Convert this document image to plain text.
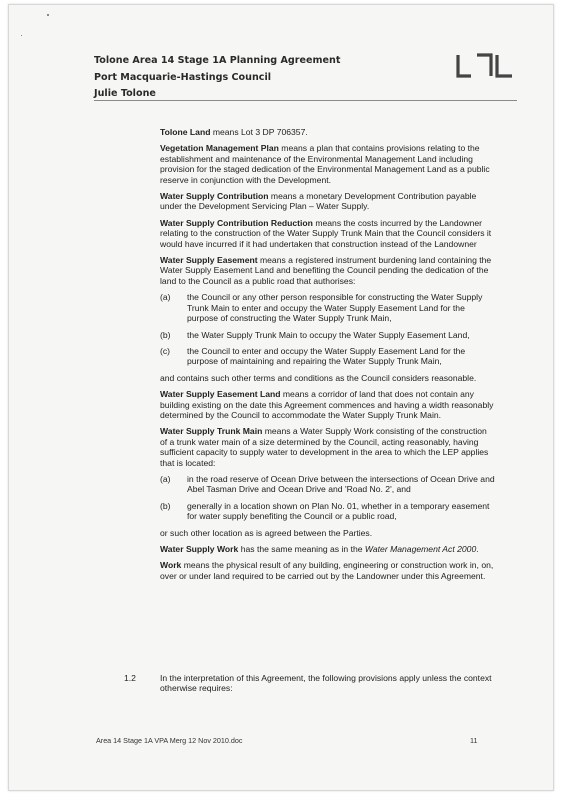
Tolone Area 14 Stage 1A Planning Agreement
Port Macquarie-Hastings Council
Julie Tolone

Tolone Land means Lot 3 DP 706357.

Vegetation Management Plan means a plan that contains provisions relating to the establishment and maintenance of the Environmental Management Land including provision for the staged dedication of the Environmental Management Land as a public reserve in conjunction with the Development.

Water Supply Contribution means a monetary Development Contribution payable under the Development Servicing Plan – Water Supply.

Water Supply Contribution Reduction means the costs incurred by the Landowner relating to the construction of the Water Supply Trunk Main that the Council considers it would have incurred if it had undertaken that construction instead of the Landowner

Water Supply Easement means a registered instrument burdening land containing the Water Supply Easement Land and benefiting the Council pending the dedication of the land to the Council as a public road that authorises:

(a) the Council or any other person responsible for constructing the Water Supply Trunk Main to enter and occupy the Water Supply Easement Land for the purpose of constructing the Water Supply Trunk Main,
(b) the Water Supply Trunk Main to occupy the Water Supply Easement Land,
(c) the Council to enter and occupy the Water Supply Easement Land for the purpose of maintaining and repairing the Water Supply Trunk Main,

and contains such other terms and conditions as the Council considers reasonable.

Water Supply Easement Land means a corridor of land that does not contain any building existing on the date this Agreement commences and having a width reasonably determined by the Council to accommodate the Water Supply Trunk Main.

Water Supply Trunk Main means a Water Supply Work consisting of the construction of a trunk water main of a size determined by the Council, acting reasonably, having sufficient capacity to supply water to development in the area to which the LEP applies that is located:

(a) in the road reserve of Ocean Drive between the intersections of Ocean Drive and Abel Tasman Drive and Ocean Drive and 'Road No. 2', and
(b) generally in a location shown on Plan No. 01, whether in a temporary easement for water supply benefiting the Council or a public road,

or such other location as is agreed between the Parties.

Water Supply Work has the same meaning as in the Water Management Act 2000.

Work means the physical result of any building, engineering or construction work in, on, over or under land required to be carried out by the Landowner under this Agreement.

1.2	In the interpretation of this Agreement, the following provisions apply unless the context otherwise requires:
Area 14 Stage 1A VPA Merg 12 Nov 2010.doc	11
